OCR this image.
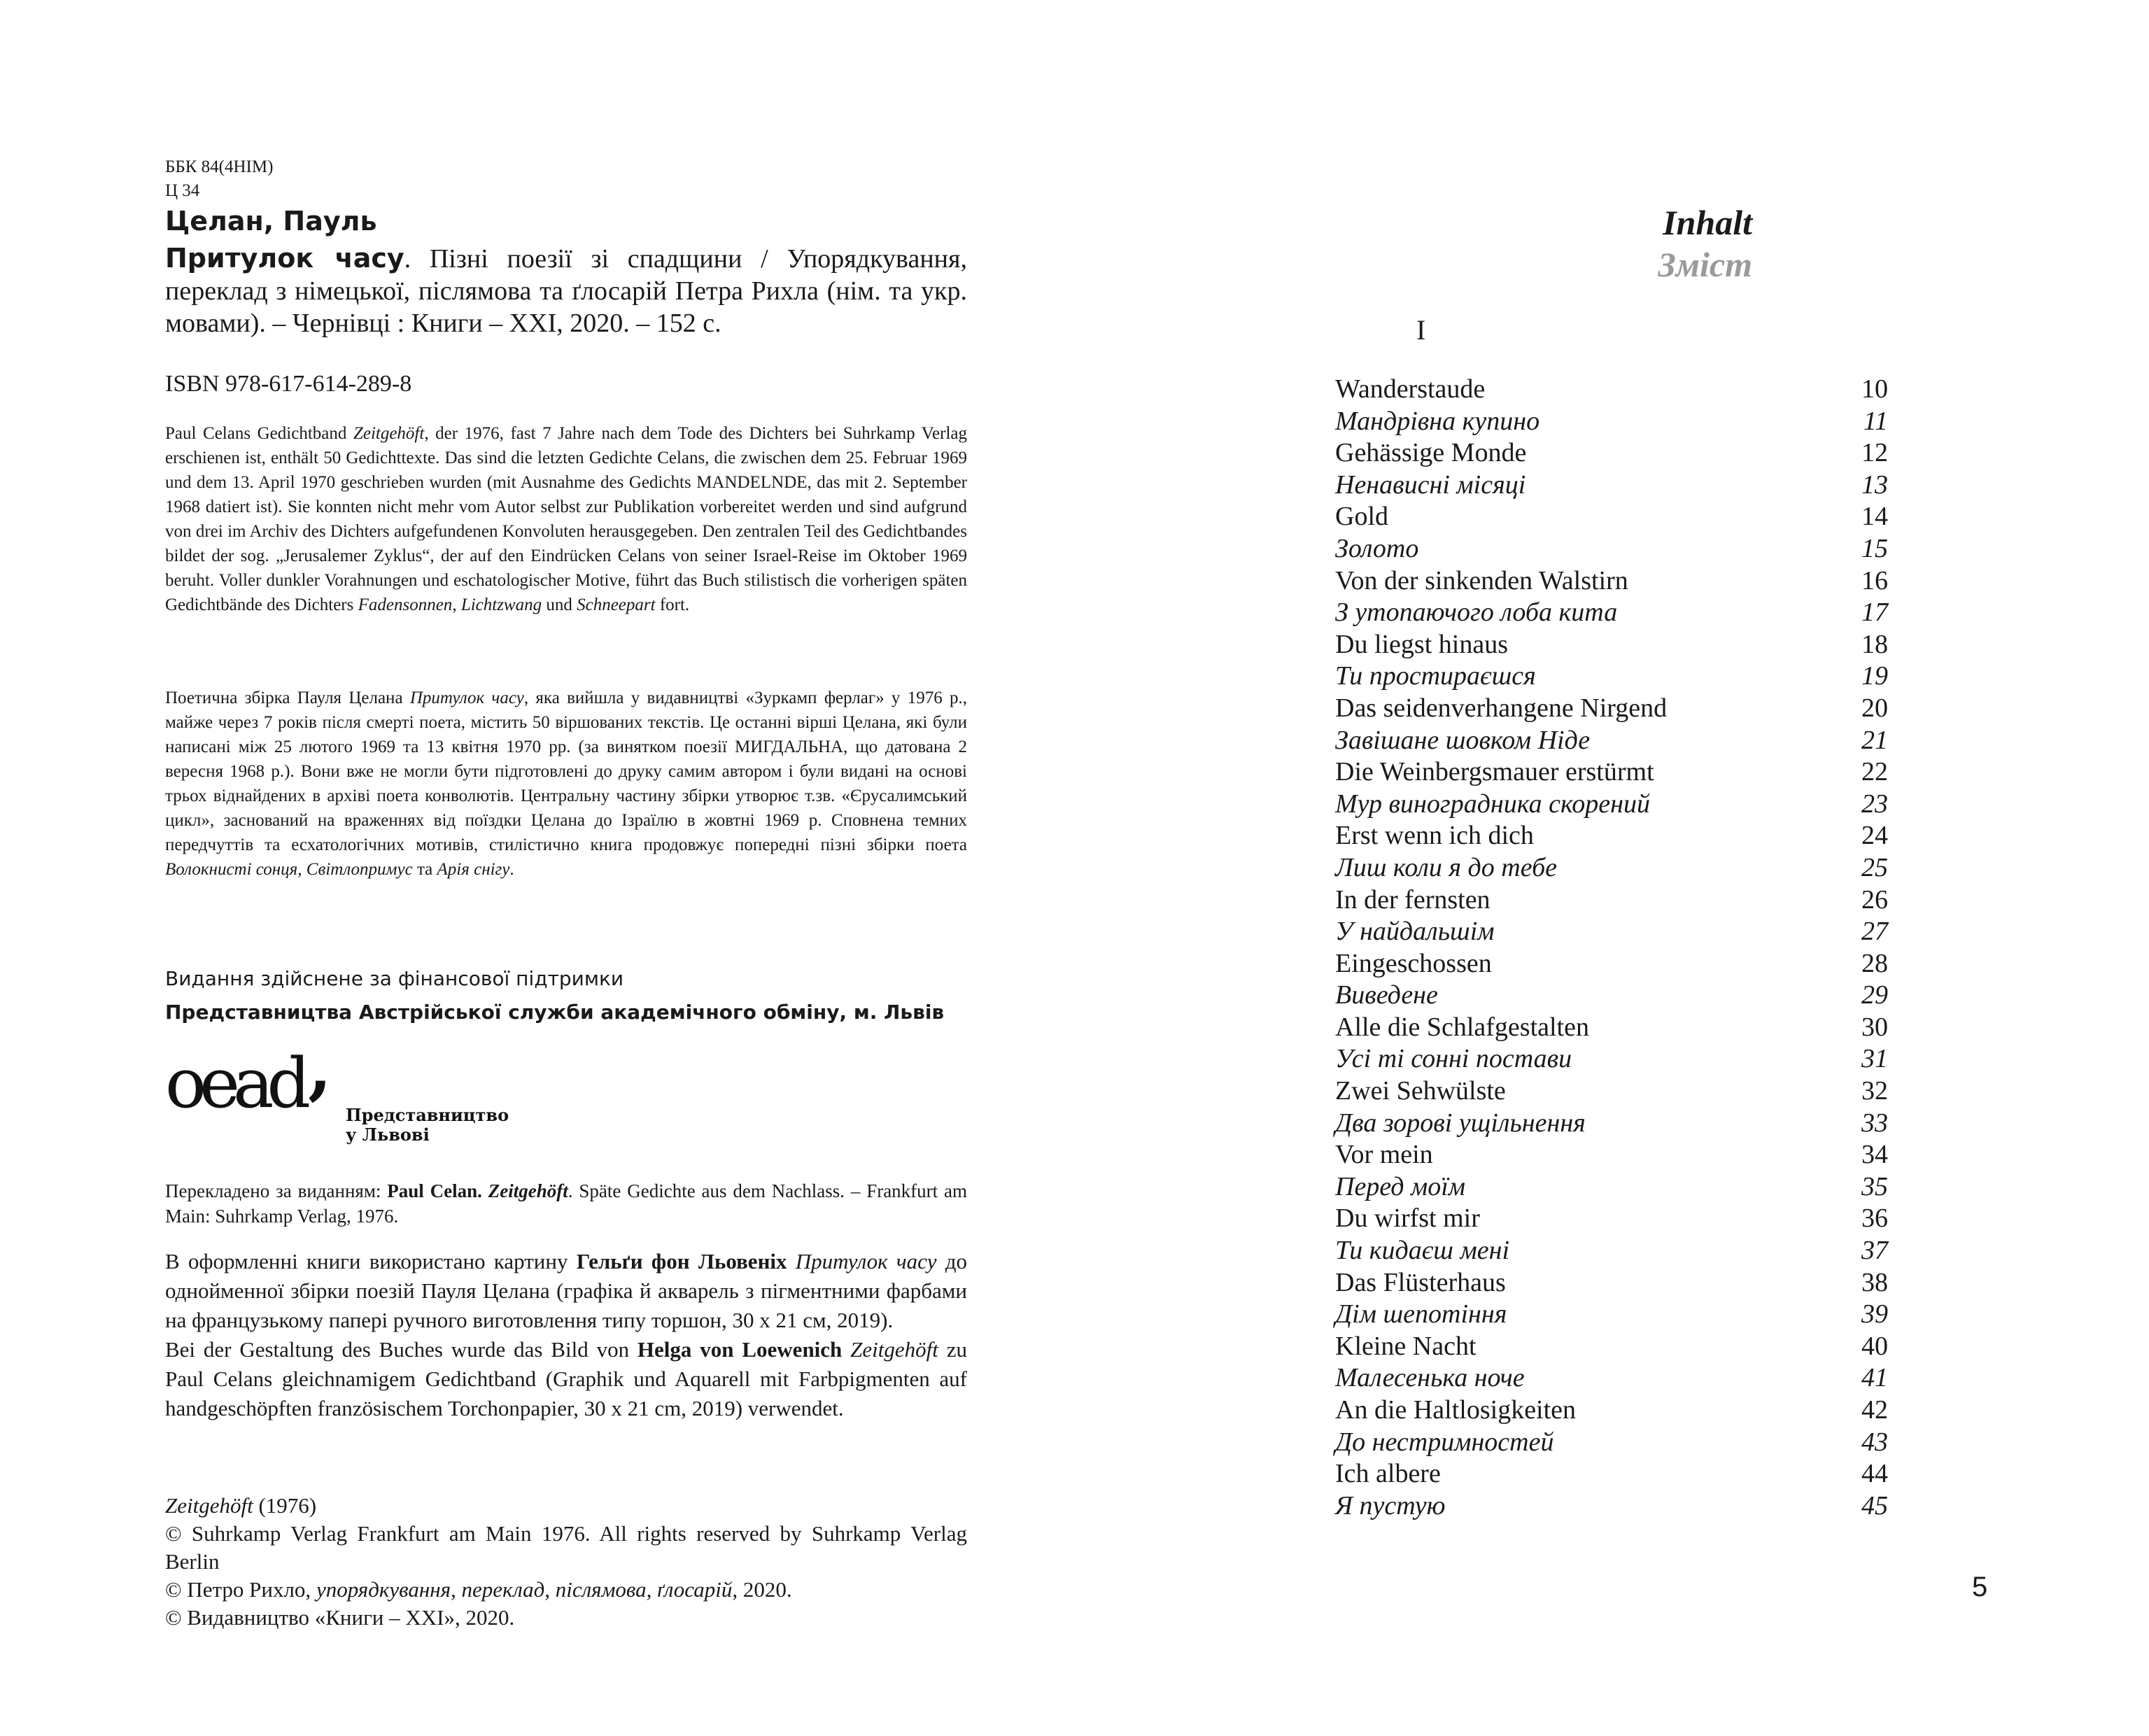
ББК 84(4НІМ)
Ц 34
Целан, Пауль
Притулок часу. Пізні поезії зі спадщини / Упорядкування, переклад з німецької, післямова та ґлосарій Петра Рихла (нім. та укр. мовами). – Чернівці : Книги – XXI, 2020. – 152 с.
ISBN 978-617-614-289-8
Paul Celans Gedichtband Zeitgehöft, der 1976, fast 7 Jahre nach dem Tode des Dichters bei Suhrkamp Verlag erschienen ist, enthält 50 Gedichttexte. Das sind die letzten Gedichte Celans, die zwischen dem 25. Februar 1969 und dem 13. April 1970 geschrieben wurden (mit Ausnahme des Gedichts MANDELNDE, das mit 2. September 1968 datiert ist). Sie konnten nicht mehr vom Autor selbst zur Publikation vorbereitet werden und sind aufgrund von drei im Archiv des Dichters aufgefundenen Konvoluten herausgegeben. Den zentralen Teil des Gedichtbandes bildet der sog. „Jerusalemer Zyklus“, der auf den Eindrücken Celans von seiner Israel-Reise im Oktober 1969 beruht. Voller dunkler Vorahnungen und eschatologischer Motive, führt das Buch stilistisch die vorherigen späten Gedichtbände des Dichters Fadensonnen, Lichtzwang und Schneepart fort.
Поетична збірка Пауля Целана Притулок часу, яка вийшла у видавництві «Зуркамп ферлаг» у 1976 р., майже через 7 років після смерті поета, містить 50 віршованих текстів. Це останні вірші Целана, які були написані між 25 лютого 1969 та 13 квітня 1970 рр. (за винятком поезії МИГДАЛЬНА, що датована 2 вересня 1968 р.). Вони вже не могли бути підготовлені до друку самим автором і були видані на основі трьох віднайдених в архіві поета конволютів. Центральну частину збірки утворює т.зв. «Єрусалимський цикл», заснований на враженнях від поїздки Целана до Ізраїлю в жовтні 1969 р. Сповнена темних передчуттів та есхатологічних мотивів, стилістично книга продовжує попередні пізні збірки поета Волокнисті сонця, Світлопримус та Арія снігу.
Видання здійснене за фінансової підтримки
Представництва Австрійської служби академічного обміну, м. Львів
oead,
Представництво
у Львові
Перекладено за виданням: Paul Celan. Zeitgehöft. Späte Gedichte aus dem Nachlass. – Frankfurt am Main: Suhrkamp Verlag, 1976.
В оформленні книги використано картину Гельґи фон Льовеніх Притулок часу до однойменної збірки поезій Пауля Целана (графіка й акварель з пігментними фарбами на французькому папері ручного виготовлення типу торшон, 30 х 21 см, 2019).
Bei der Gestaltung des Buches wurde das Bild von Helga von Loewenich Zeitgehöft zu Paul Celans gleichnamigem Gedichtband (Graphik und Aquarell mit Farbpigmenten auf handgeschöpften französischem Torchonpapier, 30 x 21 cm, 2019) verwendet.
Zeitgehöft (1976)
© Suhrkamp Verlag Frankfurt am Main 1976. All rights reserved by Suhrkamp Verlag Berlin
© Петро Рихло, упорядкування, переклад, післямова, ґлосарій, 2020.
© Видавництво «Книги – XXI», 2020.
Inhalt
Зміст
I
Wanderstaude	10
Мандрівна купино	11
Gehässige Monde	12
Ненависні місяці	13
Gold	14
Золото	15
Von der sinkenden Walstirn	16
З утопаючого лоба кита	17
Du liegst hinaus	18
Ти простираєшся	19
Das seidenverhangene Nirgend	20
Завішане шовком Ніде	21
Die Weinbergsmauer erstürmt	22
Мур виноградника скорений	23
Erst wenn ich dich	24
Лиш коли я до тебе	25
In der fernsten	26
У найдальшім	27
Eingeschossen	28
Виведене	29
Alle die Schlafgestalten	30
Усі ті сонні постави	31
Zwei Sehwülste	32
Два зорові ущільнення	33
Vor mein	34
Перед моїм	35
Du wirfst mir	36
Ти кидаєш мені	37
Das Flüsterhaus	38
Дім шепотіння	39
Kleine Nacht	40
Малесенька ноче	41
An die Haltlosigkeiten	42
До нестримностей	43
Ich albere	44
Я пустую	45
5
